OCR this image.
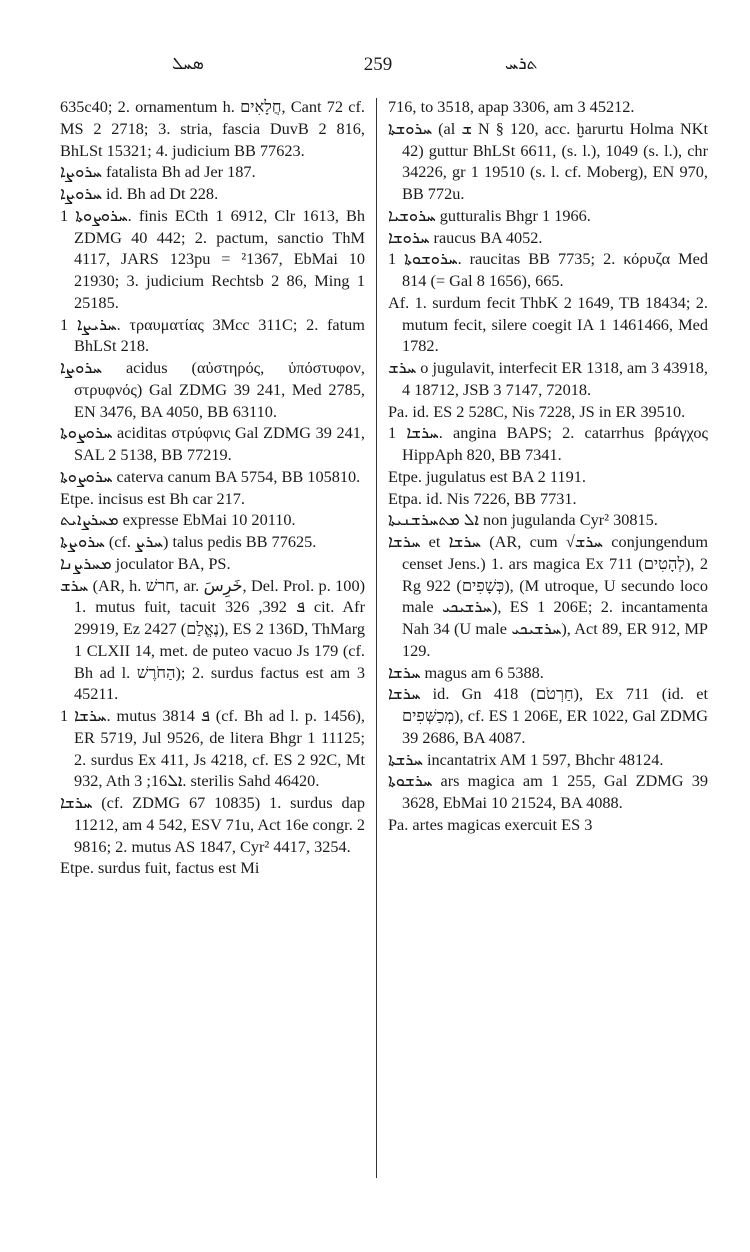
ܣܚܠ	259	ܬܪܚ

635c40; 2. ornamentum h. חֲלָאִים, Cant 72 cf. MS 2 2718; 3. stria, fascia DuvB 2 816, BhLSt 15321; 4. judicium BB 77623.

ܚܪܘܨܐ fatalista Bh ad Jer 187.

ܚܪܘܨܐ id. Bh ad Dt 228.

ܚܪܘܨܘܬܐ 1. finis ECth 1 6912, Clr 1613, Bh ZDMG 40 442; 2. pactum, sanctio ThM 4117, JARS 123pu = ²1367, EbMai 10 21930; 3. judicium Rechtsb 2 86, Ming 1 25185.

ܚܪܝܨܐ 1. τραυματίας 3Mcc 311C; 2. fatum BhLSt 218.

ܚܪܘܨܐ acidus (αὐστηρός, ὑπόστυφον, στρυφνός) Gal ZDMG 39 241, Med 2785, EN 3476, BA 4050, BB 63110.

ܚܪܘܨܘܬܐ aciditas στρύφνις Gal ZDMG 39 241, SAL 2 5138, BB 77219.

ܚܪܘܨܘܬܐ caterva canum BA 5754, BB 105810.

Etpe. incisus est Bh car 217.

ܡܚܪܨܐܝܬ expresse EbMai 10 20110.

ܚܪܘܨܬܐ (cf. ܚܪܨ) talus pedis BB 77625.

ܡܚܪܨܢܐ joculator BA, PS.

ܚܪܫ (AR, h. חרשׁ, ar. خَرِسَ, Del. Prol. p. 100) 1. mutus fuit, tacuit ܦ 392, 326 cit. Afr 29919, Ez 2427 (נֶאֱלַם), ES 2 136D, ThMarg 1 CLXII 14, met. de puteo vacuo Js 179 (cf. Bh ad l. הַחֹרֶשׁ); 2. surdus factus est am 3 45211.

ܚܪܫܐ 1. mutus ܦ 3814 (cf. Bh ad l. p. 1456), ER 5719, Jul 9526, de litera Bhgr 1 11125; 2. surdus Ex 411, Js 4218, cf. ES 2 92C, Mt 932, Ath ܐܠ16; 3. sterilis Sahd 46420.

ܚܪܫܐ (cf. ZDMG 67 10835) 1. surdus dap 11212, am 4 542, ESV 71u, Act 16e congr. 2 9816; 2. mutus AS 1847, Cyr² 4417, 3254.

Etpe. surdus fuit, factus est Mi

716, to 3518, apap 3306, am 3 45212.

ܚܪܘܫܬܐ (al ܫ N § 120, acc. ḫarurtu Holma NKt 42) guttur BhLSt 6611, (s. l.), 1049 (s. l.), chr 34226, gr 1 19510 (s. l. cf. Moberg), EN 970, BB 772u.

ܚܪܘܫܝܐ gutturalis Bhgr 1 1966.

ܚܪܘܫܐ raucus BA 4052.

ܚܪܘܫܘܬܐ 1. raucitas BB 7735; 2. κόρυζα Med 814 (= Gal 8 1656), 665.

Af. 1. surdum fecit ThbK 2 1649, TB 18434; 2. mutum fecit, silere coegit IA 1 1461466, Med 1782.

ܚܪܫ o jugulavit, interfecit ER 1318, am 3 43918, 4 18712, JSB 3 7147, 72018.

Pa. id. ES 2 528C, Nis 7228, JS in ER 39510.

ܚܪܫܐ 1. angina BAPS; 2. catarrhus βράγχος HippAph 820, BB 7341.

Etpe. jugulatus est BA 2 1191.

Etpa. id. Nis 7226, BB 7731.

ܐܠ ܡܬܚܪܫܢܝܬܐ non jugulanda Cyr² 30815.

ܚܪܫܐ et ܚܪܫܐ (AR, cum √ܚܪܫ conjungendum censet Jens.) 1. ars magica Ex 711 (לְהָטִים), 2 Rg 922 (כְּשָׁפִים), (M utroque, U secundo loco male ܚܪܫܝܟܝ), ES 1 206E; 2. incantamenta Nah 34 (U male ܚܪܫܝܟܝ), Act 89, ER 912, MP 129.

ܚܪܫܐ magus am 6 5388.

ܚܪܫܐ id. Gn 418 (חַרְטֹם), Ex 711 (id. et מְכַשְּׁפִים), cf. ES 1 206E, ER 1022, Gal ZDMG 39 2686, BA 4087.

ܚܪܫܬܐ incantatrix AM 1 597, Bhchr 48124.

ܚܪܫܘܬܐ ars magica am 1 255, Gal ZDMG 39 3628, EbMai 10 21524, BA 4088.

Pa. artes magicas exercuit ES 3
